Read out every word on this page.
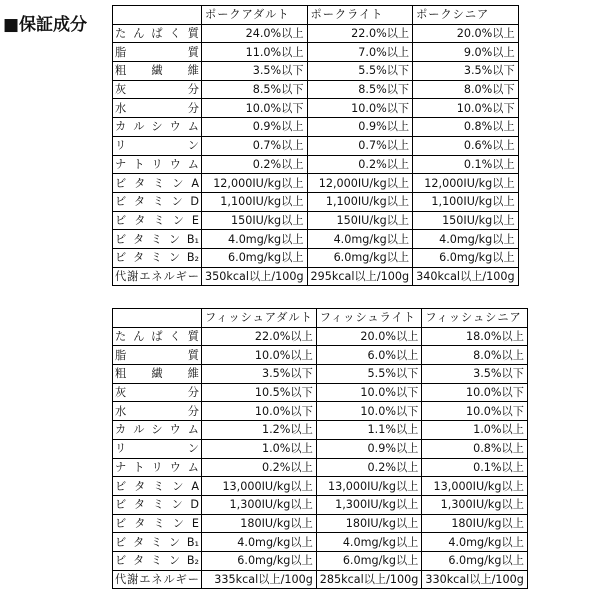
■保証成分
	ポークアダルト	ポークライト	ポークシニア
たんぱく質	24.0%以上	22.0%以上	20.0%以上
脂質	11.0%以上	7.0%以上	9.0%以上
粗繊維	3.5%以下	5.5%以下	3.5%以下
灰分	8.5%以下	8.5%以下	8.0%以下
水分	10.0%以下	10.0%以下	10.0%以下
カルシウム	0.9%以上	0.9%以上	0.8%以上
リン	0.7%以上	0.7%以上	0.6%以上
ナトリウム	0.2%以上	0.2%以上	0.1%以上
ビタミンA	12,000IU/kg以上	12,000IU/kg以上	12,000IU/kg以上
ビタミンD	1,100IU/kg以上	1,100IU/kg以上	1,100IU/kg以上
ビタミンE	150IU/kg以上	150IU/kg以上	150IU/kg以上
ビタミンB₁	4.0mg/kg以上	4.0mg/kg以上	4.0mg/kg以上
ビタミンB₂	6.0mg/kg以上	6.0mg/kg以上	6.0mg/kg以上
代謝エネルギー	350kcal以上/100g	295kcal以上/100g	340kcal以上/100g
	フィッシュアダルト	フィッシュライト	フィッシュシニア
たんぱく質	22.0%以上	20.0%以上	18.0%以上
脂質	10.0%以上	6.0%以上	8.0%以上
粗繊維	3.5%以下	5.5%以下	3.5%以下
灰分	10.5%以下	10.0%以下	10.0%以下
水分	10.0%以下	10.0%以下	10.0%以下
カルシウム	1.2%以上	1.1%以上	1.0%以上
リン	1.0%以上	0.9%以上	0.8%以上
ナトリウム	0.2%以上	0.2%以上	0.1%以上
ビタミンA	13,000IU/kg以上	13,000IU/kg以上	13,000IU/kg以上
ビタミンD	1,300IU/kg以上	1,300IU/kg以上	1,300IU/kg以上
ビタミンE	180IU/kg以上	180IU/kg以上	180IU/kg以上
ビタミンB₁	4.0mg/kg以上	4.0mg/kg以上	4.0mg/kg以上
ビタミンB₂	6.0mg/kg以上	6.0mg/kg以上	6.0mg/kg以上
代謝エネルギー	335kcal以上/100g	285kcal以上/100g	330kcal以上/100g
